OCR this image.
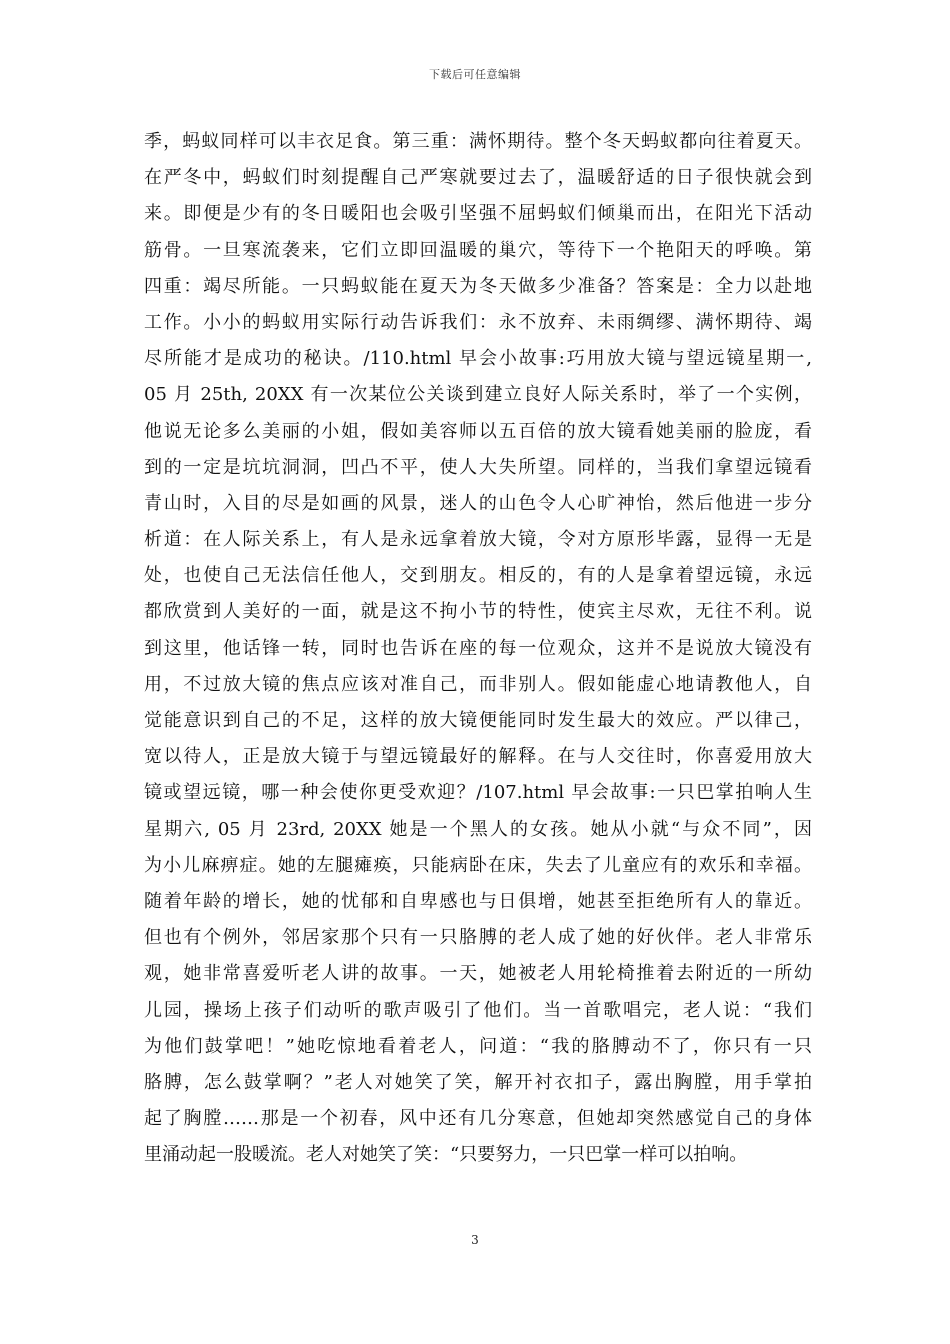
下载后可任意编辑
季，蚂蚁同样可以丰衣足食。第三重：满怀期待。整个冬天蚂蚁都向往着夏天。
在严冬中，蚂蚁们时刻提醒自己严寒就要过去了，温暖舒适的日子很快就会到
来。即便是少有的冬日暖阳也会吸引坚强不屈蚂蚁们倾巢而出，在阳光下活动
筋骨。一旦寒流袭来，它们立即回温暖的巢穴，等待下一个艳阳天的呼唤。第
四重：竭尽所能。一只蚂蚁能在夏天为冬天做多少准备？答案是：全力以赴地
工作。小小的蚂蚁用实际行动告诉我们：永不放弃、未雨绸缪、满怀期待、竭
尽所能才是成功的秘诀。/110.html 早会小故事:巧用放大镜与望远镜星期一,
05 月 25th, 20XX 有一次某位公关谈到建立良好人际关系时，举了一个实例，
他说无论多么美丽的小姐，假如美容师以五百倍的放大镜看她美丽的脸庞，看
到的一定是坑坑洞洞，凹凸不平，使人大失所望。同样的，当我们拿望远镜看
青山时，入目的尽是如画的风景，迷人的山色令人心旷神怡，然后他进一步分
析道：在人际关系上，有人是永远拿着放大镜，令对方原形毕露，显得一无是
处，也使自己无法信任他人，交到朋友。相反的，有的人是拿着望远镜，永远
都欣赏到人美好的一面，就是这不拘小节的特性，使宾主尽欢，无往不利。说
到这里，他话锋一转，同时也告诉在座的每一位观众，这并不是说放大镜没有
用，不过放大镜的焦点应该对准自己，而非别人。假如能虚心地请教他人，自
觉能意识到自己的不足，这样的放大镜便能同时发生最大的效应。严以律己，
宽以待人，正是放大镜于与望远镜最好的解释。在与人交往时，你喜爱用放大
镜或望远镜，哪一种会使你更受欢迎？/107.html 早会故事:一只巴掌拍响人生
星期六, 05 月 23rd, 20XX 她是一个黑人的女孩。她从小就“与众不同”，因
为小儿麻痹症。她的左腿瘫痪，只能病卧在床，失去了儿童应有的欢乐和幸福。
随着年龄的增长，她的忧郁和自卑感也与日俱增，她甚至拒绝所有人的靠近。
但也有个例外，邻居家那个只有一只胳膊的老人成了她的好伙伴。老人非常乐
观，她非常喜爱听老人讲的故事。一天，她被老人用轮椅推着去附近的一所幼
儿园，操场上孩子们动听的歌声吸引了他们。当一首歌唱完，老人说：“我们
为他们鼓掌吧！”她吃惊地看着老人，问道：“我的胳膊动不了，你只有一只
胳膊，怎么鼓掌啊？”老人对她笑了笑，解开衬衣扣子，露出胸膛，用手掌拍
起了胸膛……那是一个初春，风中还有几分寒意，但她却突然感觉自己的身体
里涌动起一股暖流。老人对她笑了笑：“只要努力，一只巴掌一样可以拍响。
3
